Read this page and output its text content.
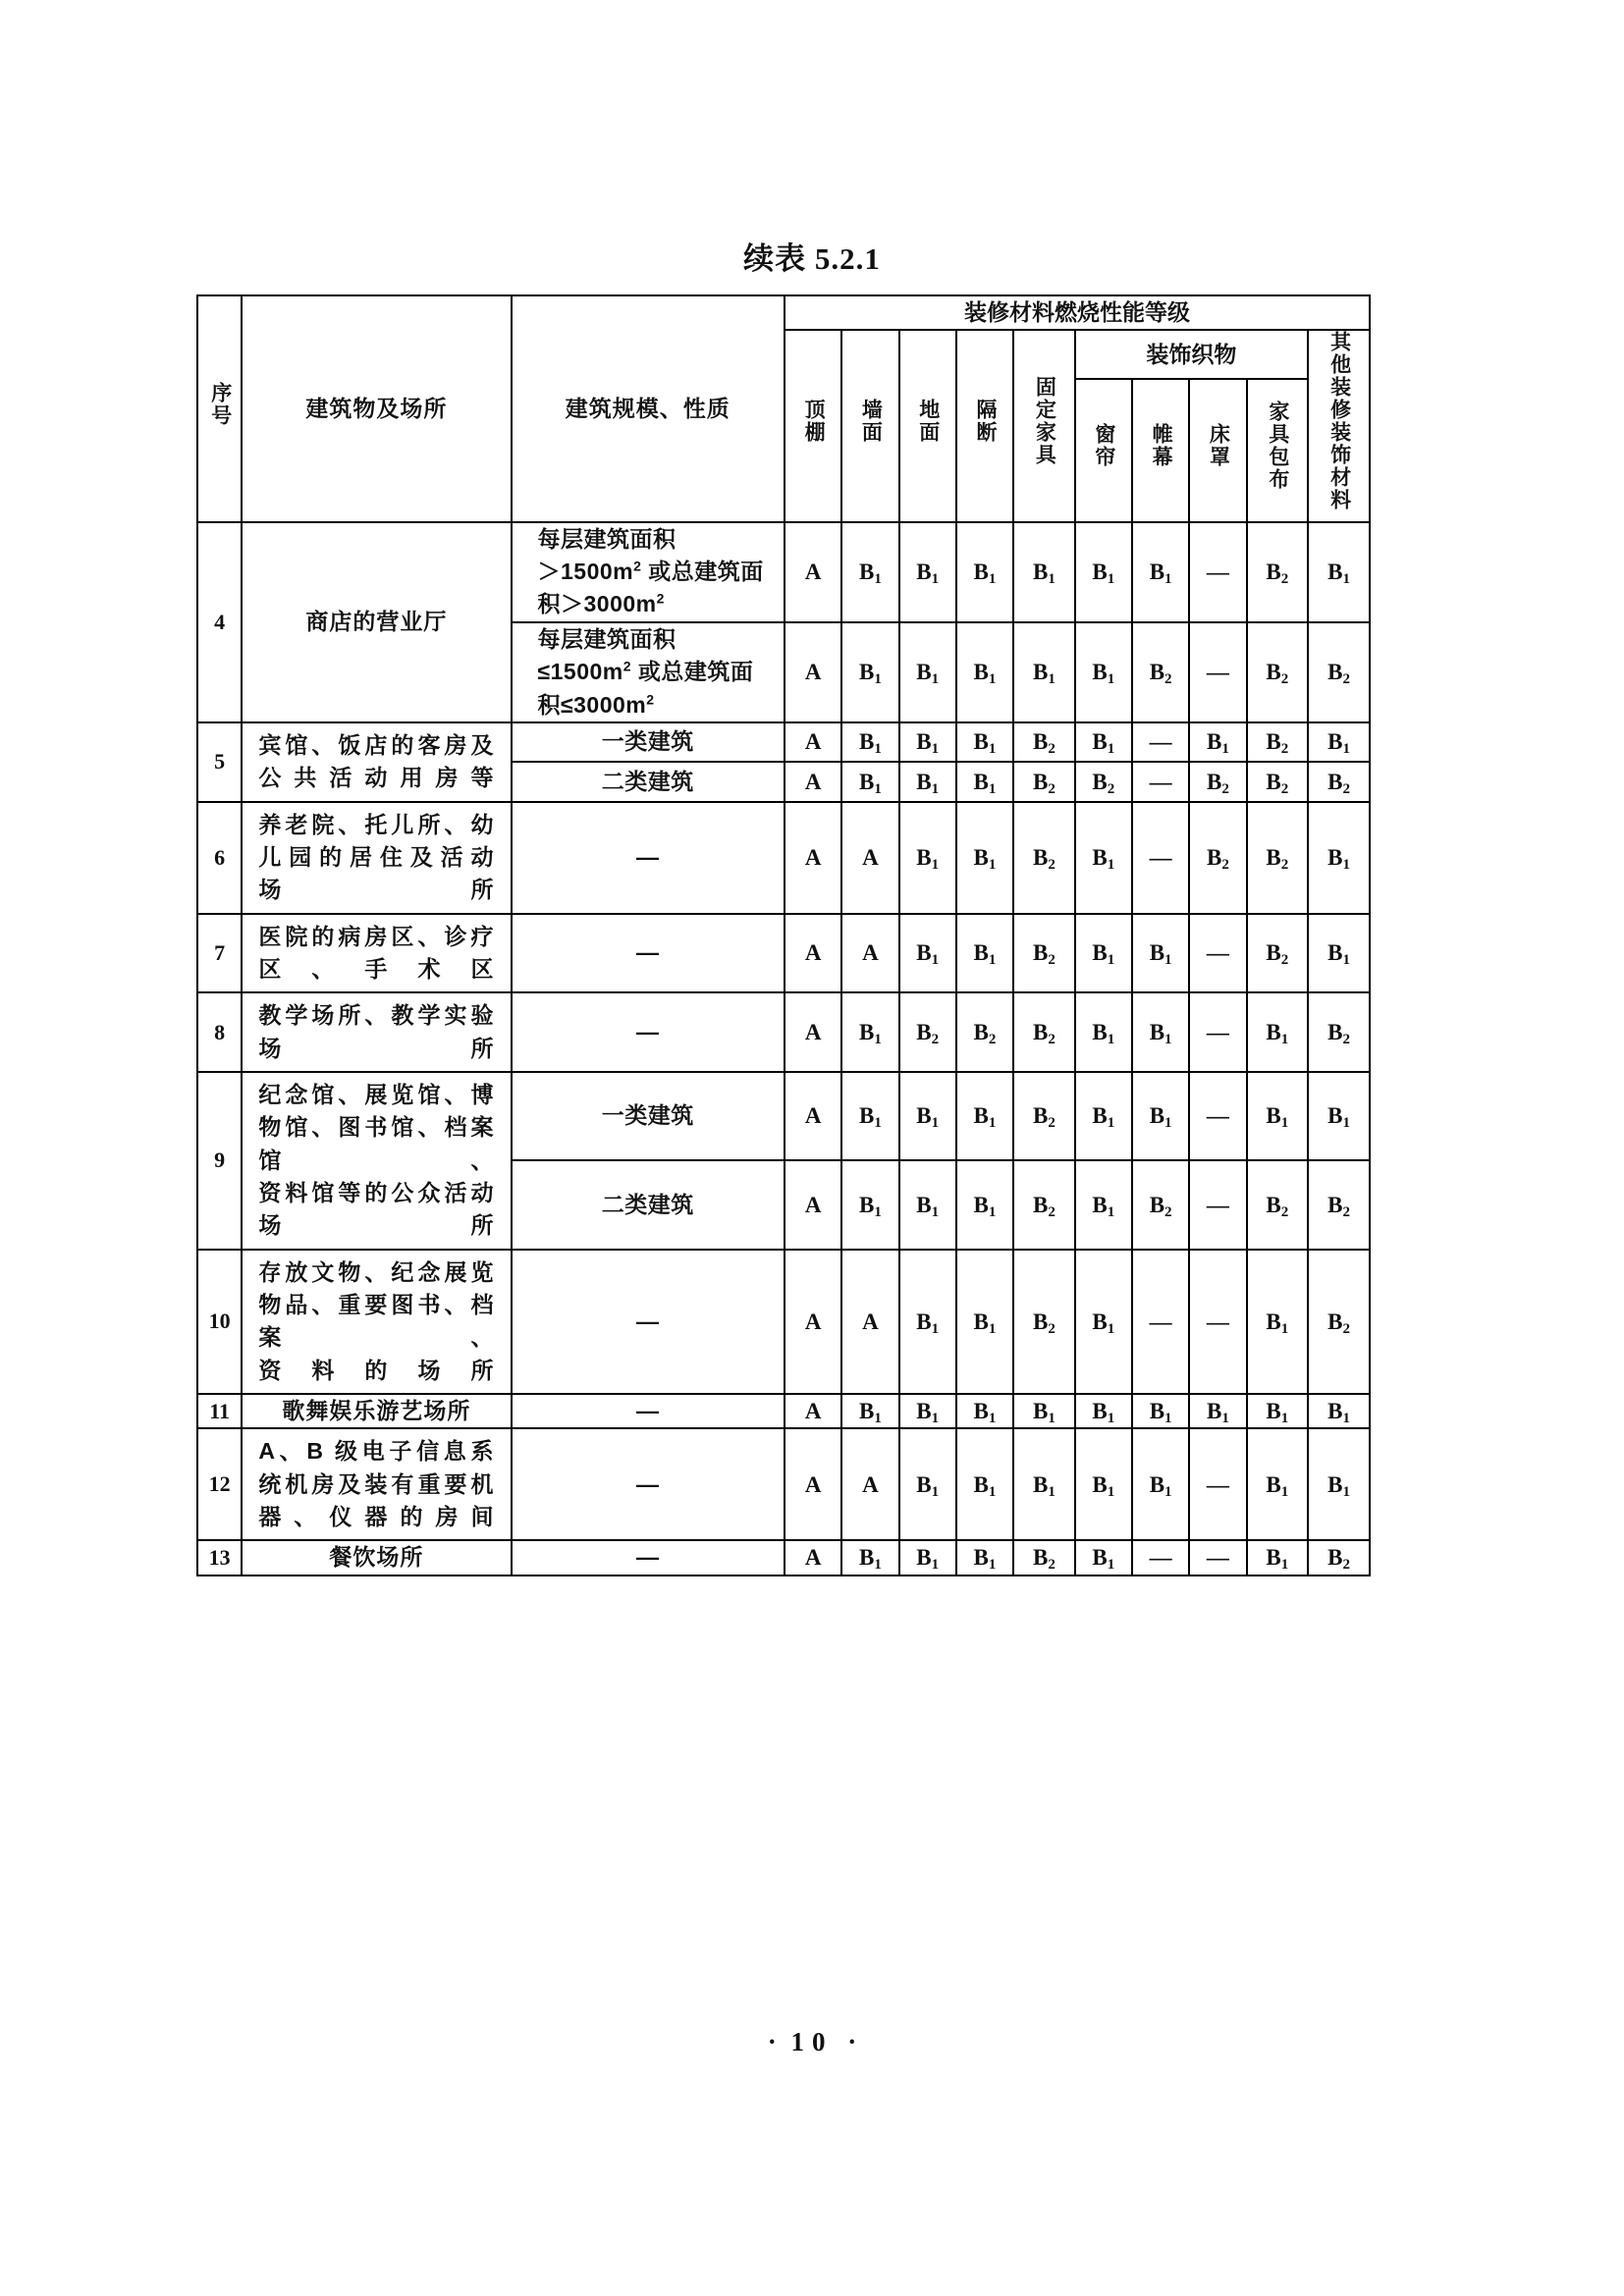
续表 5.2.1
序号	建筑物及场所	建筑规模、性质	装修材料燃烧性能等级									
			顶棚	墙面	地面	隔断	固定家具	装饰织物				其他装修装饰材料
								窗帘	帷幕	床罩	家具包布	
4	商店的营业厅	每层建筑面积
$>1500m^2$ 或总建筑面
积$>3000m^2$	A	$B_1$	$B_1$	$B_1$	$B_1$	$B_1$	$B_1$	—	$B_2$	$B_1$
		每层建筑面积
$\le 1500m^2$ 或总建筑面
积$\le 3000m^2$	A	$B_1$	$B_1$	$B_1$	$B_1$	$B_1$	$B_2$	—	$B_2$	$B_2$
5	宾馆、饭店的客房及
公共活动用房等	一类建筑	A	$B_1$	$B_1$	$B_1$	$B_2$	$B_1$	—	$B_1$	$B_2$	$B_1$
		二类建筑	A	$B_1$	$B_1$	$B_1$	$B_2$	$B_2$	—	$B_2$	$B_2$	$B_2$
6	养老院、托儿所、幼
儿园的居住及活动
场所	—	A	A	$B_1$	$B_1$	$B_2$	$B_1$	—	$B_2$	$B_2$	$B_1$
7	医院的病房区、诊疗
区、手术区	—	A	A	$B_1$	$B_1$	$B_2$	$B_1$	$B_1$	—	$B_2$	$B_1$
8	教学场所、教学实验
场所	—	A	$B_1$	$B_2$	$B_2$	$B_2$	$B_1$	$B_1$	—	$B_1$	$B_2$
9	纪念馆、展览馆、博
物馆、图书馆、档案馆、
资料馆等的公众活动
场所	一类建筑	A	$B_1$	$B_1$	$B_1$	$B_2$	$B_1$	$B_1$	—	$B_1$	$B_1$
		二类建筑	A	$B_1$	$B_1$	$B_1$	$B_2$	$B_1$	$B_2$	—	$B_2$	$B_2$
10	存放文物、纪念展览
物品、重要图书、档案、
资料的场所	—	A	A	$B_1$	$B_1$	$B_2$	$B_1$	—	—	$B_1$	$B_2$
11	歌舞娱乐游艺场所	—	A	$B_1$	$B_1$	$B_1$	$B_1$	$B_1$	$B_1$	$B_1$	$B_1$	$B_1$
12	A、B 级电子信息系
统机房及装有重要机
器、仪器的房间	—	A	A	$B_1$	$B_1$	$B_1$	$B_1$	$B_1$	—	$B_1$	$B_1$
13	餐饮场所	—	A	$B_1$	$B_1$	$B_1$	$B_2$	$B_1$	—	—	$B_1$	$B_2$
· 10 ·
